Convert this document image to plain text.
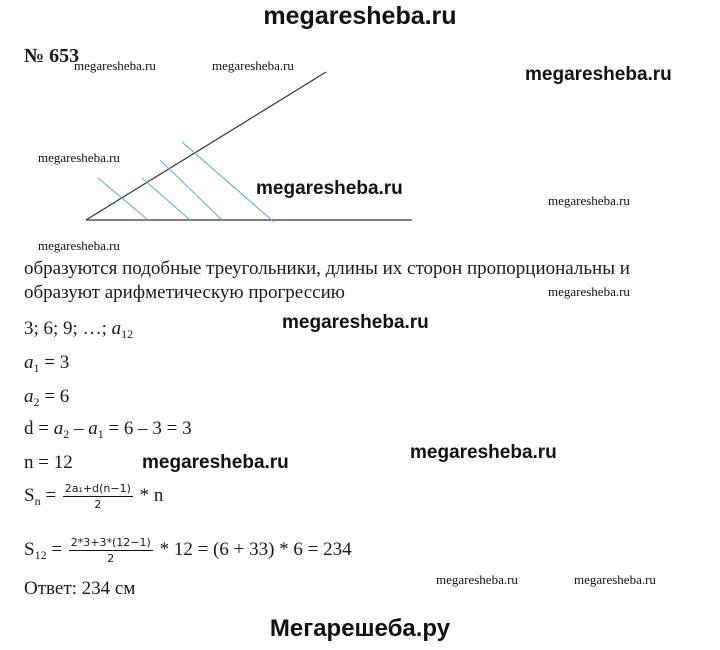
megaresheba.ru
Мегарешеба.ру
№ 653
megaresheba.ru	megaresheba.ru	megaresheba.ru
megaresheba.ru
megaresheba.ru
megaresheba.ru
megaresheba.ru
megaresheba.ru
megaresheba.ru
megaresheba.ru
megaresheba.ru
megaresheba.ru	megaresheba.ru
образуются подобные треугольники, длины их сторон пропорциональны и
образуют арифметическую прогрессию
3; 6; 9; …; $a_{12}$
$a_1 = 3$
$a_2 = 6$
$d = a_2 - a_1 = 6 - 3 = 3$
n = 12
$S_n = \frac{\text{2a₁+d(n−1)}}{2} * n$
$S_{12} = \frac{2*3+3*(12-1)}{2} * 12 = (6 + 33) * 6 = 234$
Ответ: 234 см
